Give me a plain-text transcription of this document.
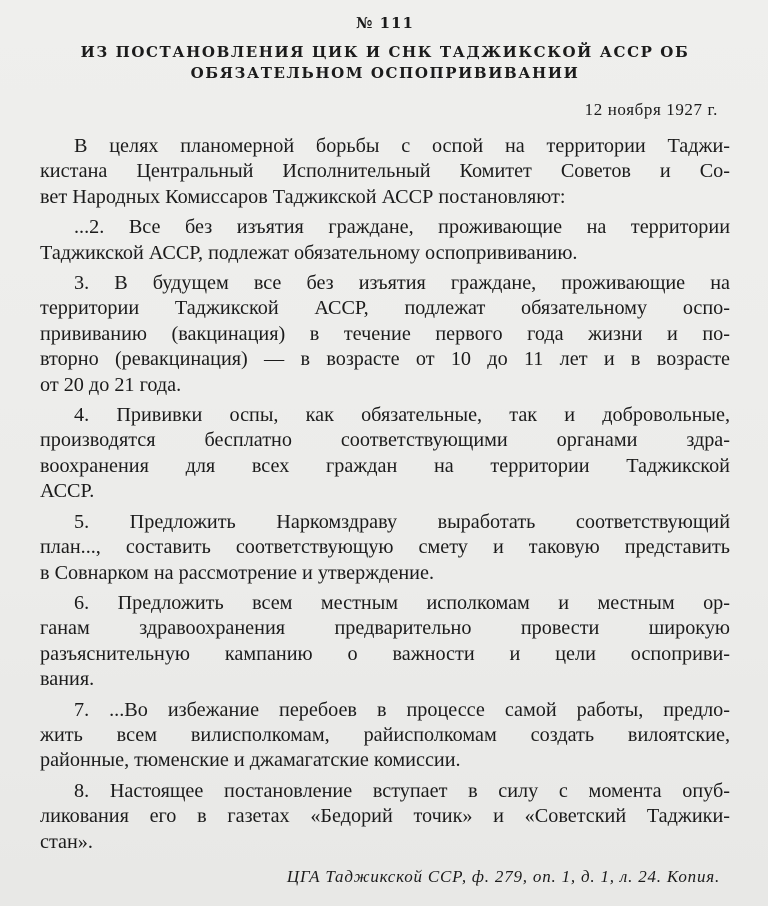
№ 111
ИЗ ПОСТАНОВЛЕНИЯ ЦИК И СНК ТАДЖИКСКОЙ АССР ОБ
ОБЯЗАТЕЛЬНОМ ОСПОПРИВИВАНИИ
12 ноября 1927 г.
В целях планомерной борьбы с оспой на территории Таджи-
кистана Центральный Исполнительный Комитет Советов и Со-
вет Народных Комиссаров Таджикской АССР постановляют:
...2. Все без изъятия граждане, проживающие на территории
Таджикской АССР, подлежат обязательному оспопрививанию.
3. В будущем все без изъятия граждане, проживающие на
территории Таджикской АССР, подлежат обязательному оспо-
прививанию (вакцинация) в течение первого года жизни и по-
вторно (ревакцинация) — в возрасте от 10 до 11 лет и в возрасте
от 20 до 21 года.
4. Прививки оспы, как обязательные, так и добровольные,
производятся бесплатно соответствующими органами здра-
воохранения для всех граждан на территории Таджикской
АССР.
5. Предложить Наркомздраву выработать соответствующий
план..., составить соответствующую смету и таковую представить
в Совнарком на рассмотрение и утверждение.
6. Предложить всем местным исполкомам и местным ор-
ганам здравоохранения предварительно провести широкую
разъяснительную кампанию о важности и цели оспоприви-
вания.
7. ...Во избежание перебоев в процессе самой работы, предло-
жить всем вилисполкомам, райисполкомам создать вилоятские,
районные, тюменские и джамагатские комиссии.
8. Настоящее постановление вступает в силу с момента опуб-
ликования его в газетах «Бедорий точик» и «Советский Таджики-
стан».
ЦГА Таджикской ССР, ф. 279, оп. 1, д. 1, л. 24. Копия.
